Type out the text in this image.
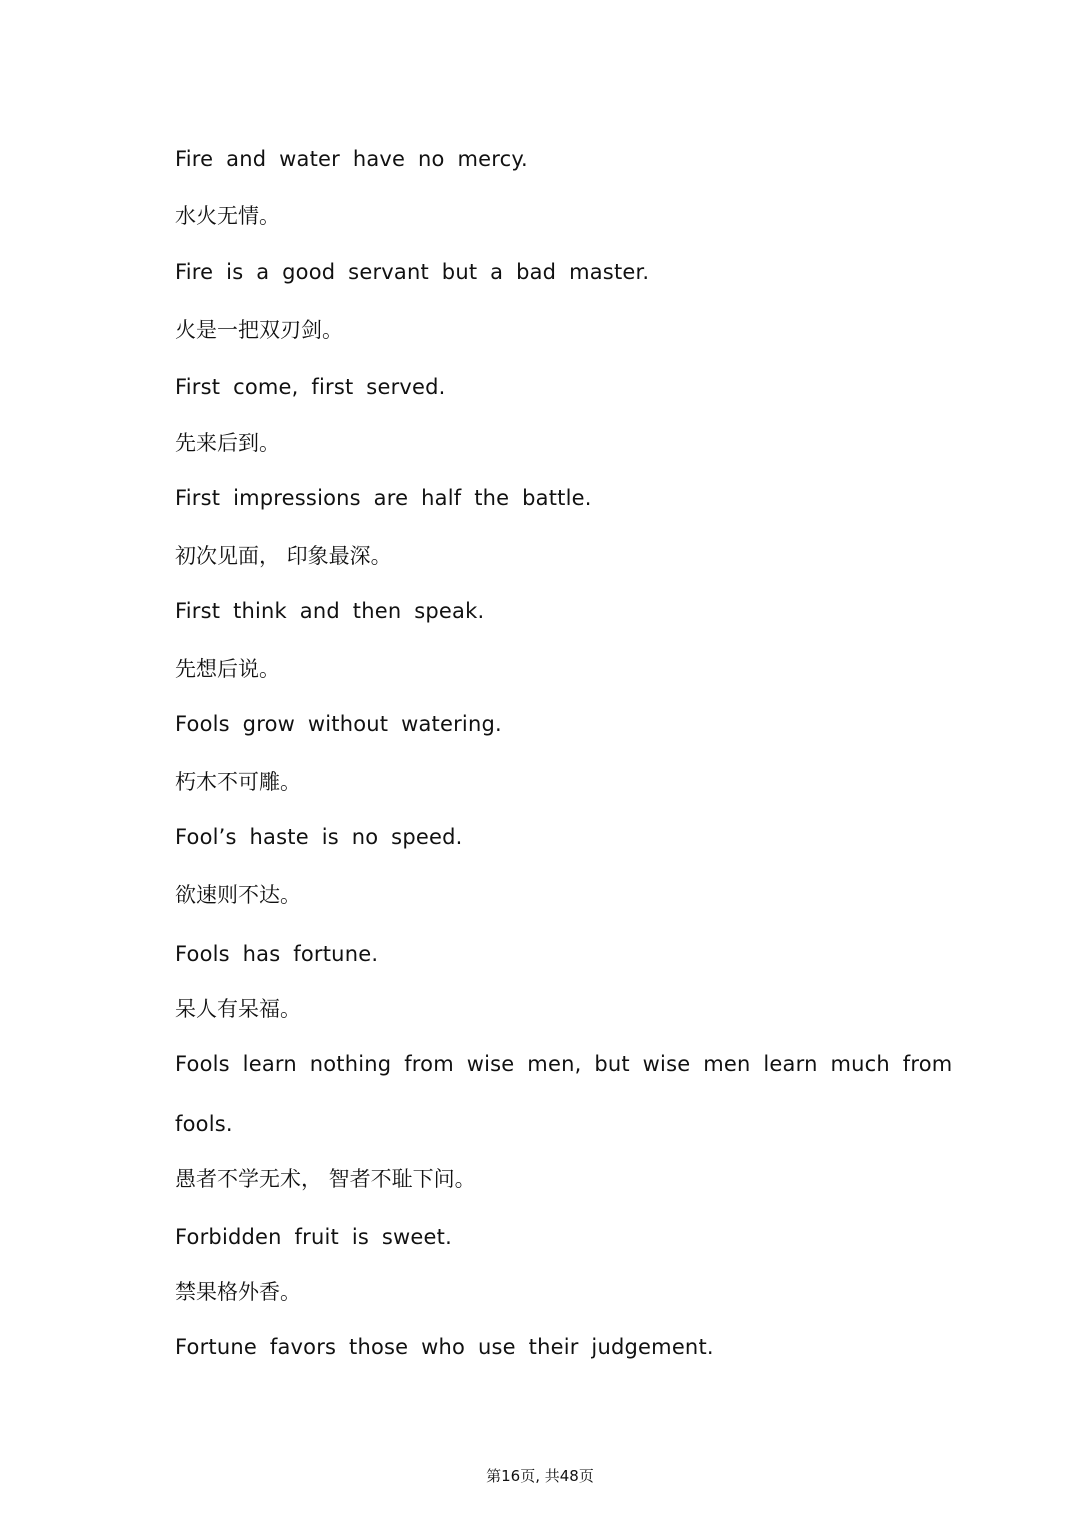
Fire and water have no mercy.
水火无情。
Fire is a good servant but a bad master.
火是一把双刃剑。
First come, first served.
先来后到。
First impressions are half the battle.
初次见面， 印象最深。
First think and then speak.
先想后说。
Fools grow without watering.
朽木不可雕。
Fool’s haste is no speed.
欲速则不达。
Fools has fortune.
呆人有呆福。
Fools learn nothing from wise men, but wise men learn much from
fools.
愚者不学无术， 智者不耻下问。
Forbidden fruit is sweet.
禁果格外香。
Fortune favors those who use their judgement.
第16页, 共48页
